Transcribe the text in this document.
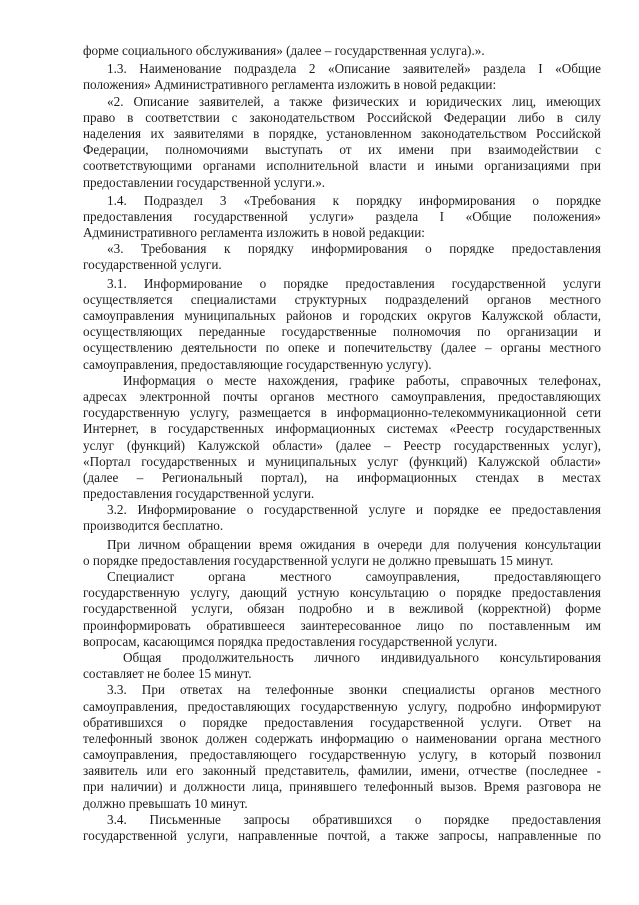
форме социального обслуживания» (далее – государственная услуга).».
1.3. Наименование подраздела 2 «Описание заявителей» раздела I «Общие
положения» Административного регламента изложить в новой редакции:
«2. Описание заявителей, а также физических и юридических лиц, имеющих
право в соответствии с законодательством Российской Федерации либо в силу
наделения их заявителями в порядке, установленном законодательством Российской
Федерации, полномочиями выступать от их имени при взаимодействии с
соответствующими органами исполнительной власти и иными организациями при
предоставлении государственной услуги.».
1.4. Подраздел 3 «Требования к порядку информирования о порядке
предоставления государственной услуги» раздела I «Общие положения»
Административного регламента изложить в новой редакции:
«3. Требования к порядку информирования о порядке предоставления
государственной услуги.
3.1. Информирование о порядке предоставления государственной услуги
осуществляется специалистами структурных подразделений органов местного
самоуправления муниципальных районов и городских округов Калужской области,
осуществляющих переданные государственные полномочия по организации и
осуществлению деятельности по опеке и попечительству (далее – органы местного
самоуправления, предоставляющие государственную услугу).
Информация о месте нахождения, графике работы, справочных телефонах,
адресах электронной почты органов местного самоуправления, предоставляющих
государственную услугу, размещается в информационно-телекоммуникационной сети
Интернет, в государственных информационных системах «Реестр государственных
услуг (функций) Калужской области» (далее – Реестр государственных услуг),
«Портал государственных и муниципальных услуг (функций) Калужской области»
(далее – Региональный портал), на информационных стендах в местах
предоставления государственной услуги.
3.2. Информирование о государственной услуге и порядке ее предоставления
производится бесплатно.
При личном обращении время ожидания в очереди для получения консультации
о порядке предоставления государственной услуги не должно превышать 15 минут.
Специалист органа местного самоуправления, предоставляющего
государственную услугу, дающий устную консультацию о порядке предоставления
государственной услуги, обязан подробно и в вежливой (корректной) форме
проинформировать обратившееся заинтересованное лицо по поставленным им
вопросам, касающимся порядка предоставления государственной услуги.
Общая продолжительность личного индивидуального консультирования
составляет не более 15 минут.
3.3. При ответах на телефонные звонки специалисты органов местного
самоуправления, предоставляющих государственную услугу, подробно информируют
обратившихся о порядке предоставления государственной услуги. Ответ на
телефонный звонок должен содержать информацию о наименовании органа местного
самоуправления, предоставляющего государственную услугу, в который позвонил
заявитель или его законный представитель, фамилии, имени, отчестве (последнее -
при наличии) и должности лица, принявшего телефонный вызов. Время разговора не
должно превышать 10 минут.
3.4. Письменные запросы обратившихся о порядке предоставления
государственной услуги, направленные почтой, а также запросы, направленные по
